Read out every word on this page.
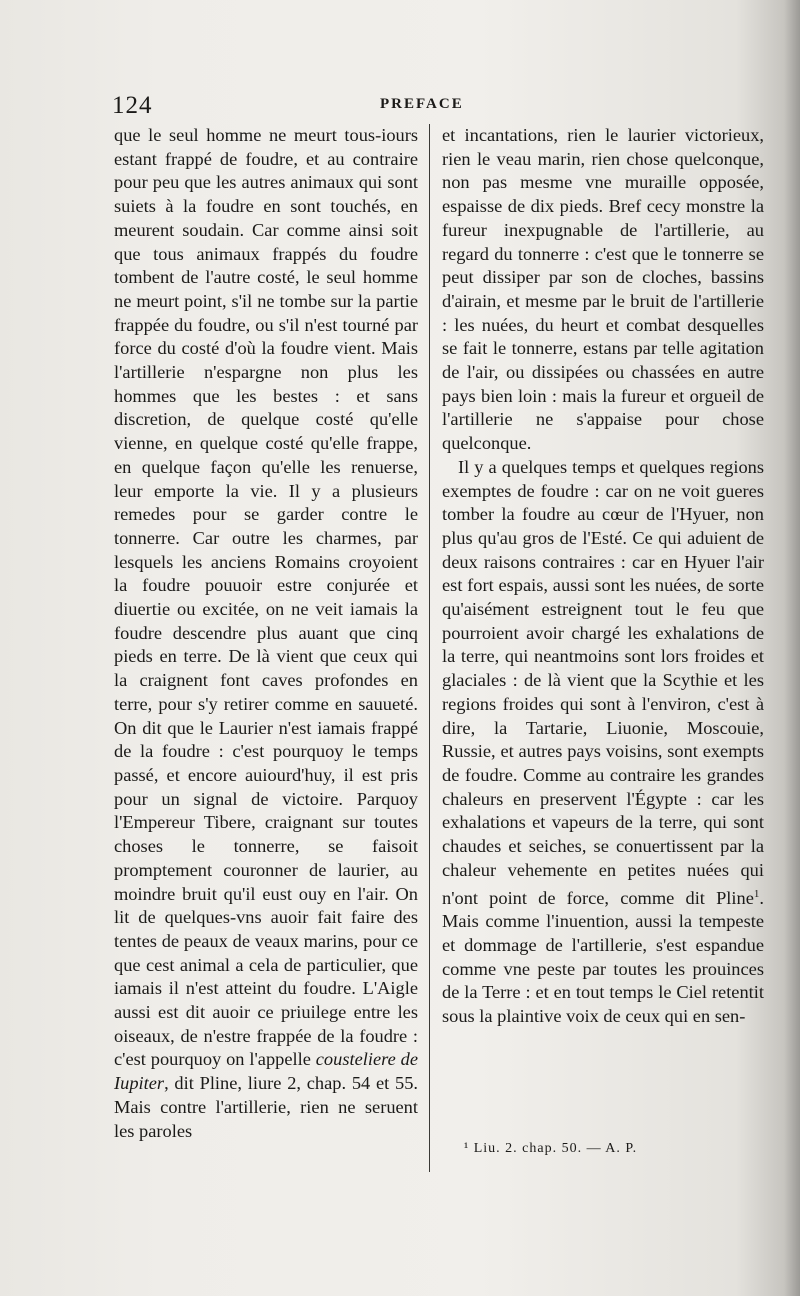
124	PREFACE

que le seul homme ne meurt tous-iours estant frappé de foudre, et au contraire pour peu que les autres animaux qui sont suiets à la foudre en sont touchés, en meurent soudain. Car comme ainsi soit que tous animaux frappés du foudre tombent de l'autre costé, le seul homme ne meurt point, s'il ne tombe sur la partie frappée du foudre, ou s'il n'est tourné par force du costé d'où la foudre vient. Mais l'artillerie n'espargne non plus les hommes que les bestes : et sans discretion, de quelque costé qu'elle vienne, en quelque costé qu'elle frappe, en quelque façon qu'elle les renuerse, leur emporte la vie. Il y a plusieurs remedes pour se garder contre le tonnerre. Car outre les charmes, par lesquels les anciens Romains croyoient la foudre pouuoir estre conjurée et diuertie ou excitée, on ne veit iamais la foudre descendre plus auant que cinq pieds en terre. De là vient que ceux qui la craignent font caves profondes en terre, pour s'y retirer comme en sauueté. On dit que le Laurier n'est iamais frappé de la foudre : c'est pourquoy le temps passé, et encore auiourd'huy, il est pris pour un signal de victoire. Parquoy l'Empereur Tibere, craignant sur toutes choses le tonnerre, se faisoit promptement couronner de laurier, au moindre bruit qu'il eust ouy en l'air. On lit de quelques-vns auoir fait faire des tentes de peaux de veaux marins, pour ce que cest animal a cela de particulier, que iamais il n'est atteint du foudre. L'Aigle aussi est dit auoir ce priuilege entre les oiseaux, de n'estre frappée de la foudre : c'est pourquoy on l'appelle cousteliere de Iupiter, dit Pline, liure 2, chap. 54 et 55. Mais contre l'artillerie, rien ne seruent les paroles

et incantations, rien le laurier victorieux, rien le veau marin, rien chose quelconque, non pas mesme vne muraille opposée, espaisse de dix pieds. Bref cecy monstre la fureur inexpugnable de l'artillerie, au regard du tonnerre : c'est que le tonnerre se peut dissiper par son de cloches, bassins d'airain, et mesme par le bruit de l'artillerie : les nuées, du heurt et combat desquelles se fait le tonnerre, estans par telle agitation de l'air, ou dissipées ou chassées en autre pays bien loin : mais la fureur et orgueil de l'artillerie ne s'appaise pour chose quelconque.

Il y a quelques temps et quelques regions exemptes de foudre : car on ne voit gueres tomber la foudre au cœur de l'Hyuer, non plus qu'au gros de l'Esté. Ce qui aduient de deux raisons contraires : car en Hyuer l'air est fort espais, aussi sont les nuées, de sorte qu'aisément estreignent tout le feu que pourroient avoir chargé les exhalations de la terre, qui neantmoins sont lors froides et glaciales : de là vient que la Scythie et les regions froides qui sont à l'environ, c'est à dire, la Tartarie, Liuonie, Moscouie, Russie, et autres pays voisins, sont exempts de foudre. Comme au contraire les grandes chaleurs en preservent l'Égypte : car les exhalations et vapeurs de la terre, qui sont chaudes et seiches, se conuertissent par la chaleur vehemente en petites nuées qui n'ont point de force, comme dit Pline$^1$. Mais comme l'inuention, aussi la tempeste et dommage de l'artillerie, s'est espandue comme vne peste par toutes les prouinces de la Terre : et en tout temps le Ciel retentit sous la plaintive voix de ceux qui en sen-

¹ Liu. 2. chap. 50. — A. P.
